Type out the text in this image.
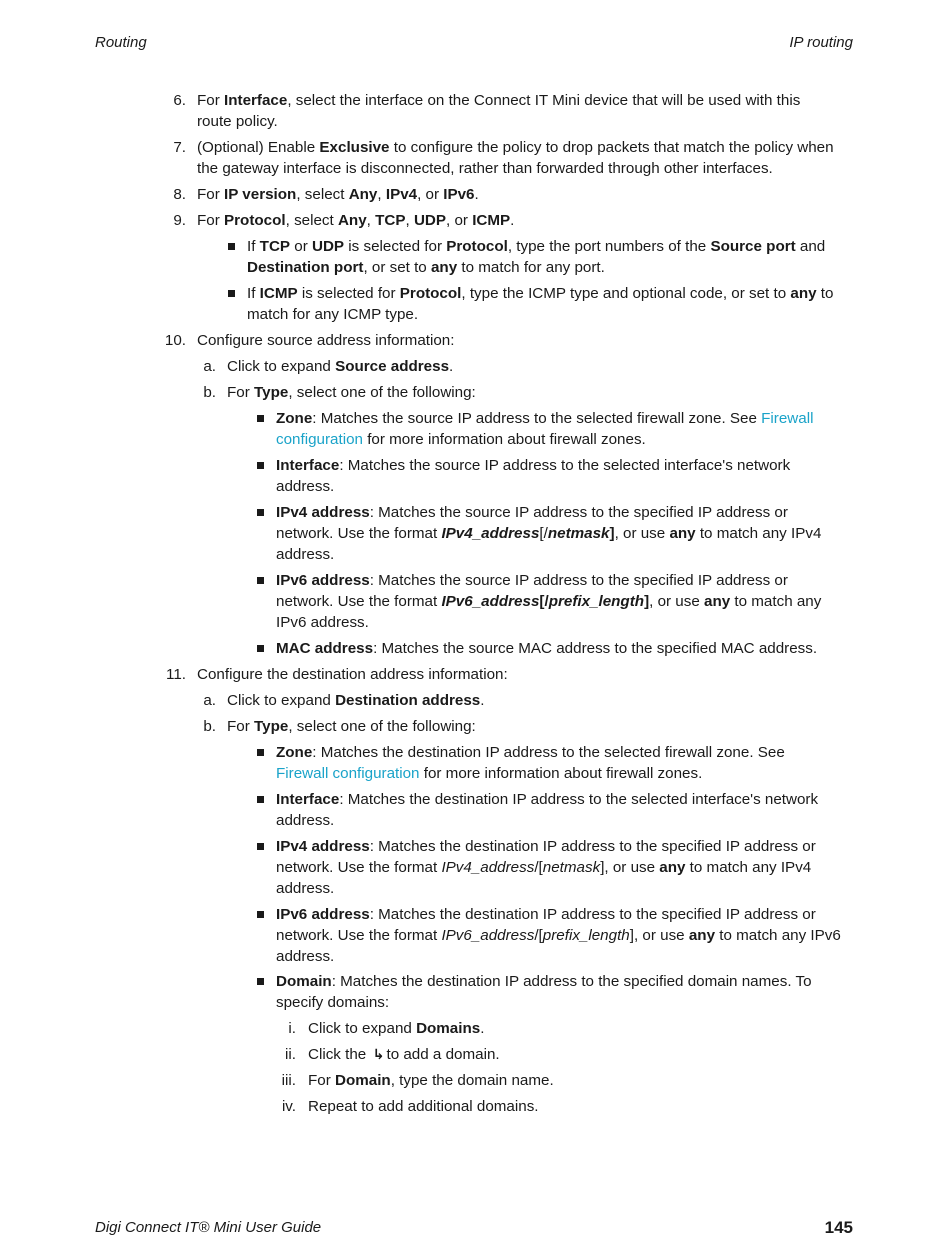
Routing	IP routing
6. For Interface, select the interface on the Connect IT Mini device that will be used with this
route policy.
7. (Optional) Enable Exclusive to configure the policy to drop packets that match the policy when
the gateway interface is disconnected, rather than forwarded through other interfaces.
8. For IP version, select Any, IPv4, or IPv6.
9. For Protocol, select Any, TCP, UDP, or ICMP.
If TCP or UDP is selected for Protocol, type the port numbers of the Source port and
Destination port, or set to any to match for any port.
If ICMP is selected for Protocol, type the ICMP type and optional code, or set to any to
match for any ICMP type.
10. Configure source address information:
a. Click to expand Source address.
b. For Type, select one of the following:
Zone: Matches the source IP address to the selected firewall zone. See Firewall
configuration for more information about firewall zones.
Interface: Matches the source IP address to the selected interface's network
address.
IPv4 address: Matches the source IP address to the specified IP address or
network. Use the format IPv4_address[/netmask], or use any to match any IPv4
address.
IPv6 address: Matches the source IP address to the specified IP address or
network. Use the format IPv6_address[/prefix_length], or use any to match any
IPv6 address.
MAC address: Matches the source MAC address to the specified MAC address.
11. Configure the destination address information:
a. Click to expand Destination address.
b. For Type, select one of the following:
Zone: Matches the destination IP address to the selected firewall zone. See
Firewall configuration for more information about firewall zones.
Interface: Matches the destination IP address to the selected interface's network
address.
IPv4 address: Matches the destination IP address to the specified IP address or
network. Use the format IPv4_address/[netmask], or use any to match any IPv4
address.
IPv6 address: Matches the destination IP address to the specified IP address or
network. Use the format IPv6_address/[prefix_length], or use any to match any IPv6
address.
Domain: Matches the destination IP address to the specified domain names. To
specify domains:
i. Click to expand Domains.
ii. Click the ↳ to add a domain.
iii. For Domain, type the domain name.
iv. Repeat to add additional domains.
Digi Connect IT® Mini User Guide	145
